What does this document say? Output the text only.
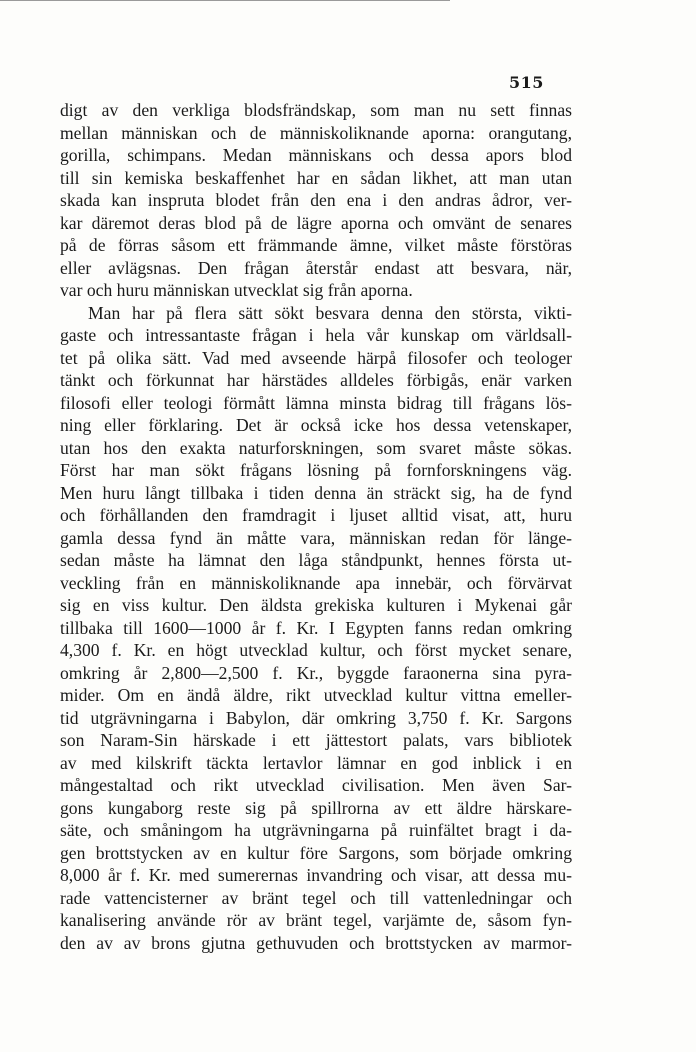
515
digt av den verkliga blodsfrändskap, som man nu sett finnas
mellan människan och de människoliknande aporna: orangutang,
gorilla, schimpans. Medan människans och dessa apors blod
till sin kemiska beskaffenhet har en sådan likhet, att man utan
skada kan inspruta blodet från den ena i den andras ådror, ver-
kar däremot deras blod på de lägre aporna och omvänt de senares
på de förras såsom ett främmande ämne, vilket måste förstöras
eller avlägsnas. Den frågan återstår endast att besvara, när,
var och huru människan utvecklat sig från aporna.
Man har på flera sätt sökt besvara denna den största, vikti-
gaste och intressantaste frågan i hela vår kunskap om världsall-
tet på olika sätt. Vad med avseende härpå filosofer och teologer
tänkt och förkunnat har härstädes alldeles förbigås, enär varken
filosofi eller teologi förmått lämna minsta bidrag till frågans lös-
ning eller förklaring. Det är också icke hos dessa vetenskaper,
utan hos den exakta naturforskningen, som svaret måste sökas.
Först har man sökt frågans lösning på fornforskningens väg.
Men huru långt tillbaka i tiden denna än sträckt sig, ha de fynd
och förhållanden den framdragit i ljuset alltid visat, att, huru
gamla dessa fynd än måtte vara, människan redan för länge-
sedan måste ha lämnat den låga ståndpunkt, hennes första ut-
veckling från en människoliknande apa innebär, och förvärvat
sig en viss kultur. Den äldsta grekiska kulturen i Mykenai går
tillbaka till 1600—1000 år f. Kr. I Egypten fanns redan omkring
4,300 f. Kr. en högt utvecklad kultur, och först mycket senare,
omkring år 2,800—2,500 f. Kr., byggde faraonerna sina pyra-
mider. Om en ändå äldre, rikt utvecklad kultur vittna emeller-
tid utgrävningarna i Babylon, där omkring 3,750 f. Kr. Sargons
son Naram-Sin härskade i ett jättestort palats, vars bibliotek
av med kilskrift täckta lertavlor lämnar en god inblick i en
mångestaltad och rikt utvecklad civilisation. Men även Sar-
gons kungaborg reste sig på spillrorna av ett äldre härskare-
säte, och småningom ha utgrävningarna på ruinfältet bragt i da-
gen brottstycken av en kultur före Sargons, som började omkring
8,000 år f. Kr. med sumerernas invandring och visar, att dessa mu-
rade vattencisterner av bränt tegel och till vattenledningar och
kanalisering använde rör av bränt tegel, varjämte de, såsom fyn-
den av av brons gjutna gethuvuden och brottstycken av marmor-
